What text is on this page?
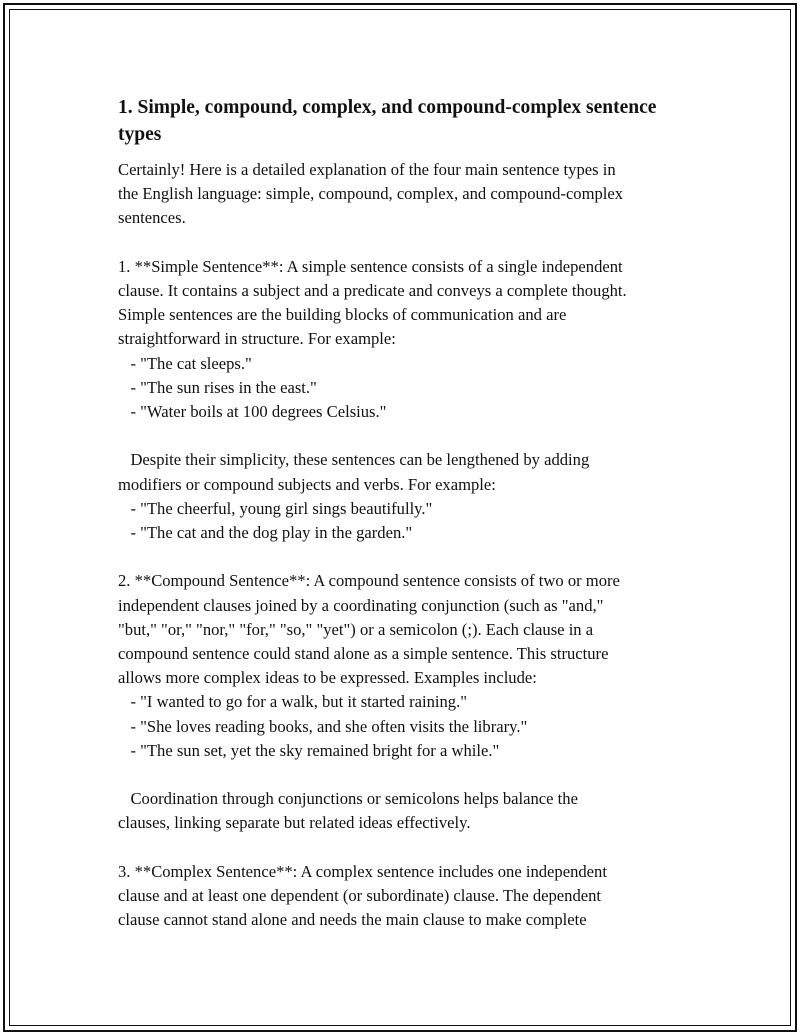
1. Simple, compound, complex, and compound-complex sentence types

Certainly! Here is a detailed explanation of the four main sentence types in
the English language: simple, compound, complex, and compound-complex
sentences.

1. **Simple Sentence**: A simple sentence consists of a single independent
clause. It contains a subject and a predicate and conveys a complete thought.
Simple sentences are the building blocks of communication and are
straightforward in structure. For example:
- "The cat sleeps."
- "The sun rises in the east."
- "Water boils at 100 degrees Celsius."

Despite their simplicity, these sentences can be lengthened by adding
modifiers or compound subjects and verbs. For example:
- "The cheerful, young girl sings beautifully."
- "The cat and the dog play in the garden."

2. **Compound Sentence**: A compound sentence consists of two or more
independent clauses joined by a coordinating conjunction (such as "and,"
"but," "or," "nor," "for," "so," "yet") or a semicolon (;). Each clause in a
compound sentence could stand alone as a simple sentence. This structure
allows more complex ideas to be expressed. Examples include:
- "I wanted to go for a walk, but it started raining."
- "She loves reading books, and she often visits the library."
- "The sun set, yet the sky remained bright for a while."

Coordination through conjunctions or semicolons helps balance the
clauses, linking separate but related ideas effectively.

3. **Complex Sentence**: A complex sentence includes one independent
clause and at least one dependent (or subordinate) clause. The dependent
clause cannot stand alone and needs the main clause to make complete
